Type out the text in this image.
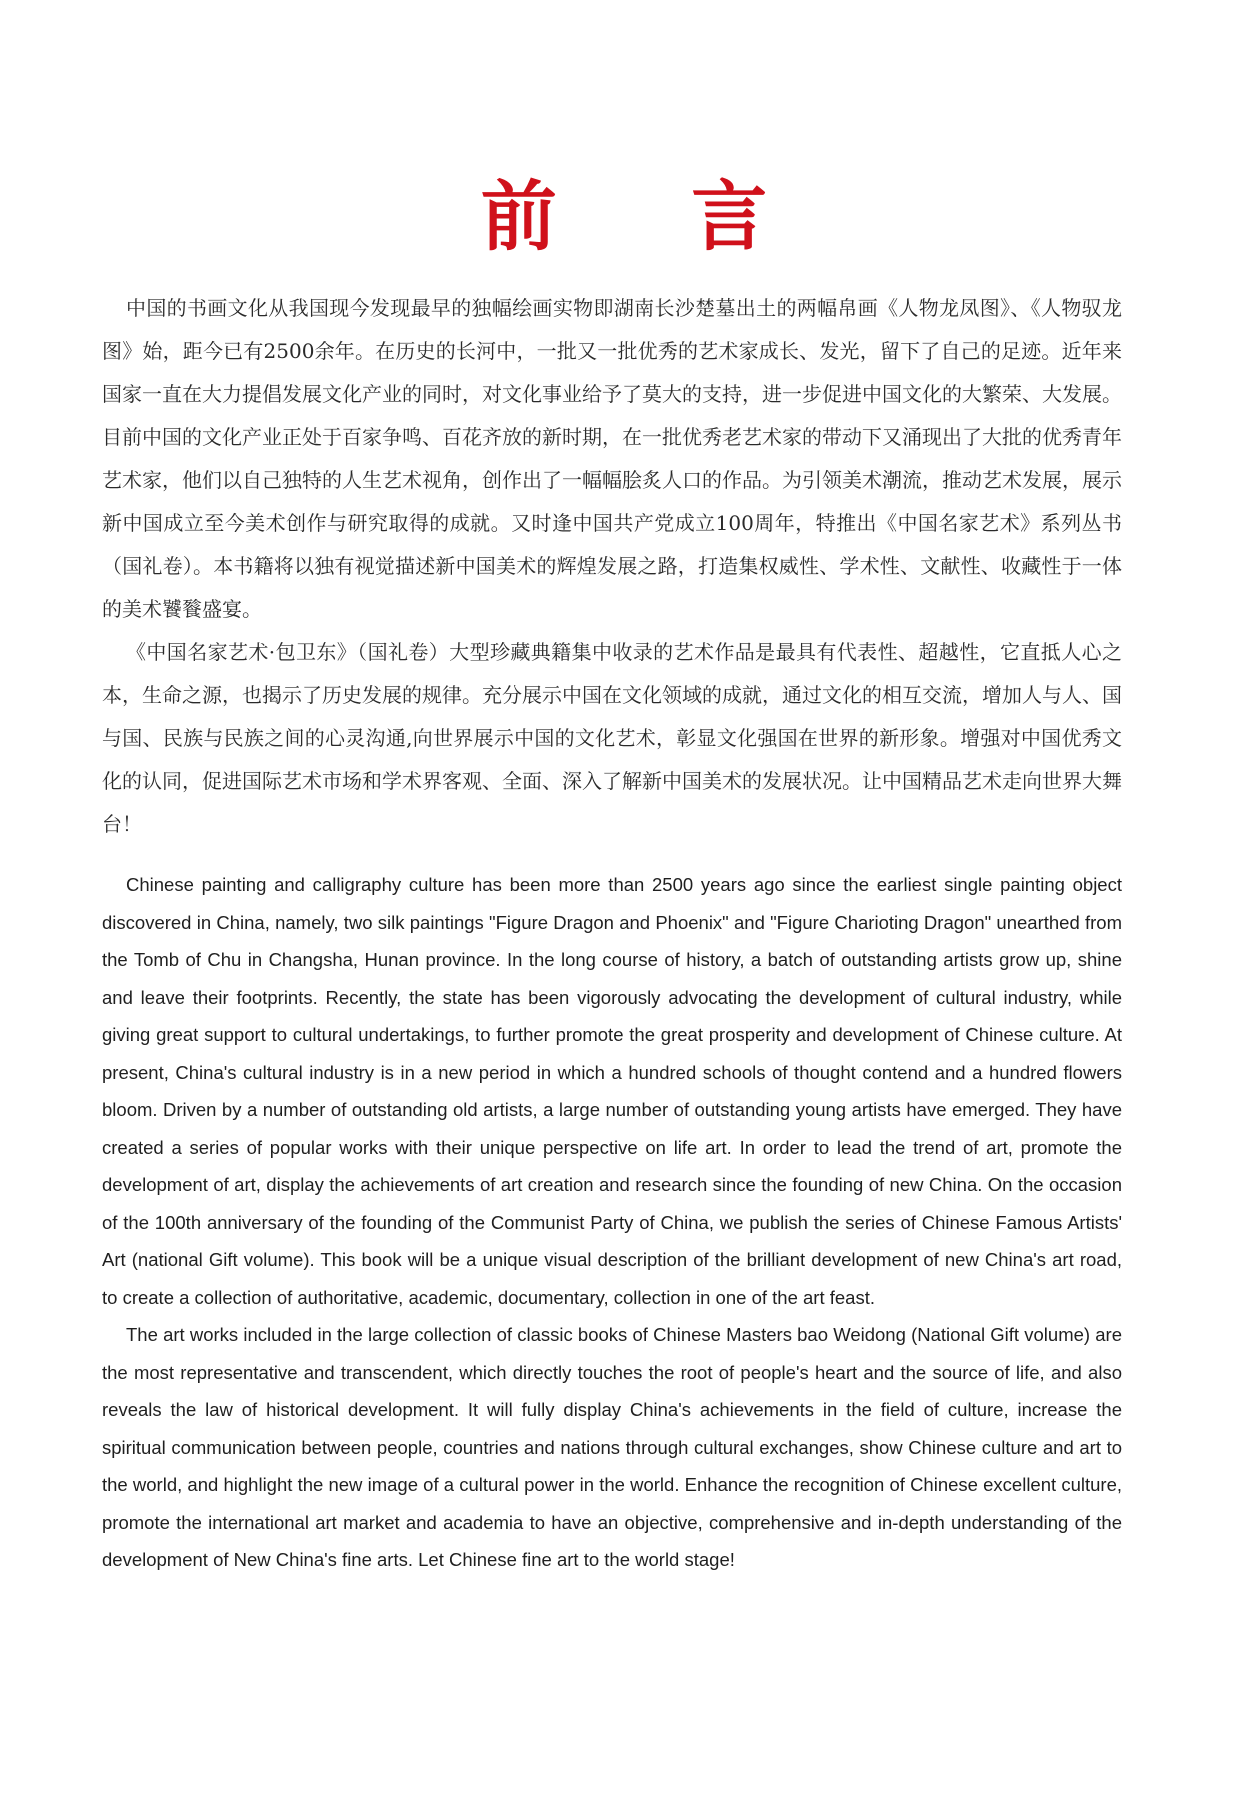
前 言

中国的书画文化从我国现今发现最早的独幅绘画实物即湖南长沙楚墓出土的两幅帛画《人物龙凤图》、《人物驭龙图》始，距今已有2500余年。在历史的长河中，一批又一批优秀的艺术家成长、发光，留下了自己的足迹。近年来国家一直在大力提倡发展文化产业的同时，对文化事业给予了莫大的支持，进一步促进中国文化的大繁荣、大发展。目前中国的文化产业正处于百家争鸣、百花齐放的新时期，在一批优秀老艺术家的带动下又涌现出了大批的优秀青年艺术家，他们以自己独特的人生艺术视角，创作出了一幅幅脍炙人口的作品。为引领美术潮流，推动艺术发展，展示新中国成立至今美术创作与研究取得的成就。又时逢中国共产党成立100周年，特推出《中国名家艺术》系列丛书（国礼卷）。本书籍将以独有视觉描述新中国美术的辉煌发展之路，打造集权威性、学术性、文献性、收藏性于一体的美术饕餮盛宴。

《中国名家艺术·包卫东》（国礼卷）大型珍藏典籍集中收录的艺术作品是最具有代表性、超越性，它直抵人心之本，生命之源，也揭示了历史发展的规律。充分展示中国在文化领域的成就，通过文化的相互交流，增加人与人、国与国、民族与民族之间的心灵沟通,向世界展示中国的文化艺术，彰显文化强国在世界的新形象。增强对中国优秀文化的认同，促进国际艺术市场和学术界客观、全面、深入了解新中国美术的发展状况。让中国精品艺术走向世界大舞台！

Chinese painting and calligraphy culture has been more than 2500 years ago since the earliest single painting object discovered in China, namely, two silk paintings "Figure Dragon and Phoenix" and "Figure Charioting Dragon" unearthed from the Tomb of Chu in Changsha, Hunan province. In the long course of history, a batch of outstanding artists grow up, shine and leave their footprints. Recently, the state has been vigorously advocating the development of cultural industry, while giving great support to cultural undertakings, to further promote the great prosperity and development of Chinese culture. At present, China's cultural industry is in a new period in which a hundred schools of thought contend and a hundred flowers bloom. Driven by a number of outstanding old artists, a large number of outstanding young artists have emerged. They have created a series of popular works with their unique perspective on life art. In order to lead the trend of art, promote the development of art, display the achievements of art creation and research since the founding of new China. On the occasion of the 100th anniversary of the founding of the Communist Party of China, we publish the series of Chinese Famous Artists' Art (national Gift volume). This book will be a unique visual description of the brilliant development of new China's art road, to create a collection of authoritative, academic, documentary, collection in one of the art feast.

The art works included in the large collection of classic books of Chinese Masters bao Weidong (National Gift volume) are the most representative and transcendent, which directly touches the root of people's heart and the source of life, and also reveals the law of historical development. It will fully display China's achievements in the field of culture, increase the spiritual communication between people, countries and nations through cultural exchanges, show Chinese culture and art to the world, and highlight the new image of a cultural power in the world. Enhance the recognition of Chinese excellent culture, promote the international art market and academia to have an objective, comprehensive and in-depth understanding of the development of New China's fine arts. Let Chinese fine art to the world stage!
